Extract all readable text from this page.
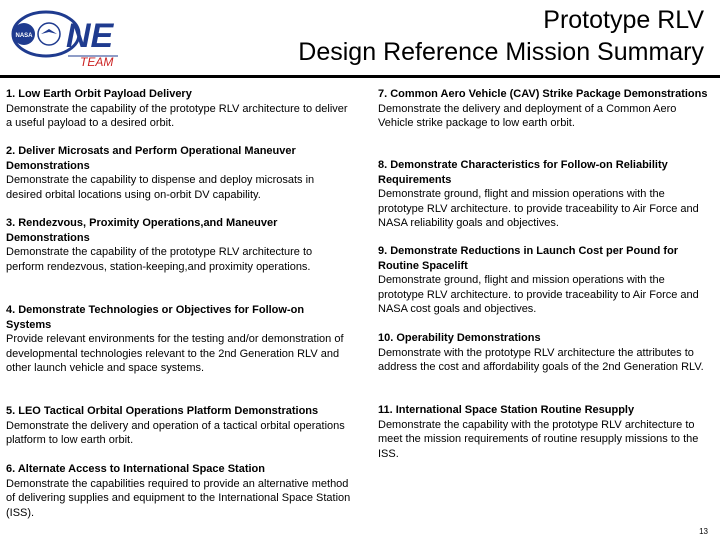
NASA NE
TEAM
Prototype RLV
Design Reference Mission Summary
1. Low Earth Orbit Payload Delivery
Demonstrate the capability of the prototype RLV architecture to deliver a useful payload to a desired orbit.
2. Deliver Microsats and Perform Operational Maneuver Demonstrations
Demonstrate the capability to dispense and deploy microsats in desired orbital locations using on-orbit DV capability.
3. Rendezvous, Proximity Operations,and Maneuver Demonstrations
Demonstrate the capability of the prototype RLV architecture to perform rendezvous, station-keeping,and proximity operations.
4. Demonstrate Technologies or Objectives for Follow-on Systems
Provide relevant environments for the testing and/or demonstration of developmental technologies relevant to the 2nd Generation RLV and other launch vehicle and space systems.
5. LEO Tactical Orbital Operations Platform Demonstrations
Demonstrate the delivery and operation of a tactical orbital operations platform to low earth orbit.
6. Alternate Access to International Space Station
Demonstrate the capabilities required to provide an alternative method of delivering supplies and equipment to the International Space Station (ISS).
7. Common Aero Vehicle (CAV) Strike Package Demonstrations
Demonstrate the delivery and deployment of a Common Aero Vehicle strike package to low earth orbit.
8. Demonstrate Characteristics for Follow-on Reliability Requirements
Demonstrate ground, flight and mission operations with the prototype RLV architecture. to provide traceability to Air Force and NASA reliability goals and objectives.
9. Demonstrate Reductions in Launch Cost per Pound for Routine Spacelift
Demonstrate ground, flight and mission operations with the prototype RLV architecture. to provide traceability to Air Force and NASA cost goals and objectives.
10. Operability Demonstrations
Demonstrate with the prototype RLV architecture the attributes to address the cost and affordability goals of the 2nd Generation RLV.
11. International Space Station Routine Resupply
Demonstrate the capability with the prototype RLV architecture to meet the mission requirements of routine resupply missions to the ISS.
13
